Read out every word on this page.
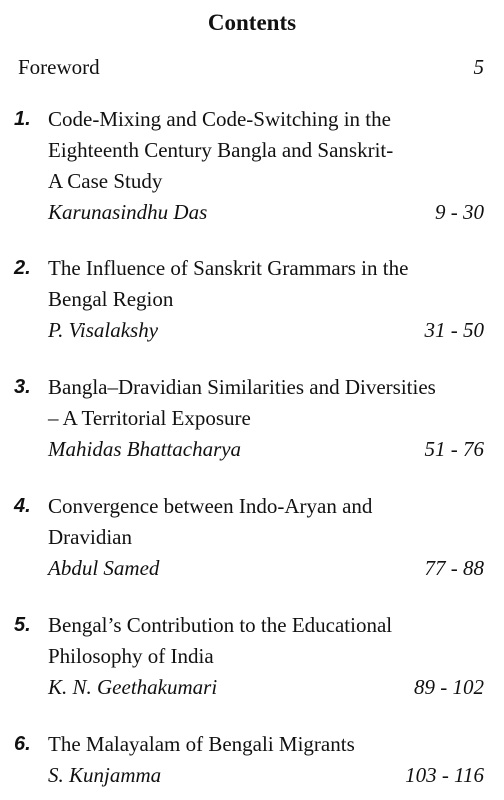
Contents
Foreword	5
1. Code-Mixing and Code-Switching in the
Eighteenth Century Bangla and Sanskrit-
A Case Study
Karunasindhu Das	9 - 30
2. The Influence of Sanskrit Grammars in the
Bengal Region
P. Visalakshy	31 - 50
3. Bangla–Dravidian Similarities and Diversities
– A Territorial Exposure
Mahidas Bhattacharya	51 - 76
4. Convergence between Indo-Aryan and
Dravidian
Abdul Samed	77 - 88
5. Bengal’s Contribution to the Educational
Philosophy of India
K. N. Geethakumari	89 - 102
6. The Malayalam of Bengali Migrants
S. Kunjamma	103 - 116
